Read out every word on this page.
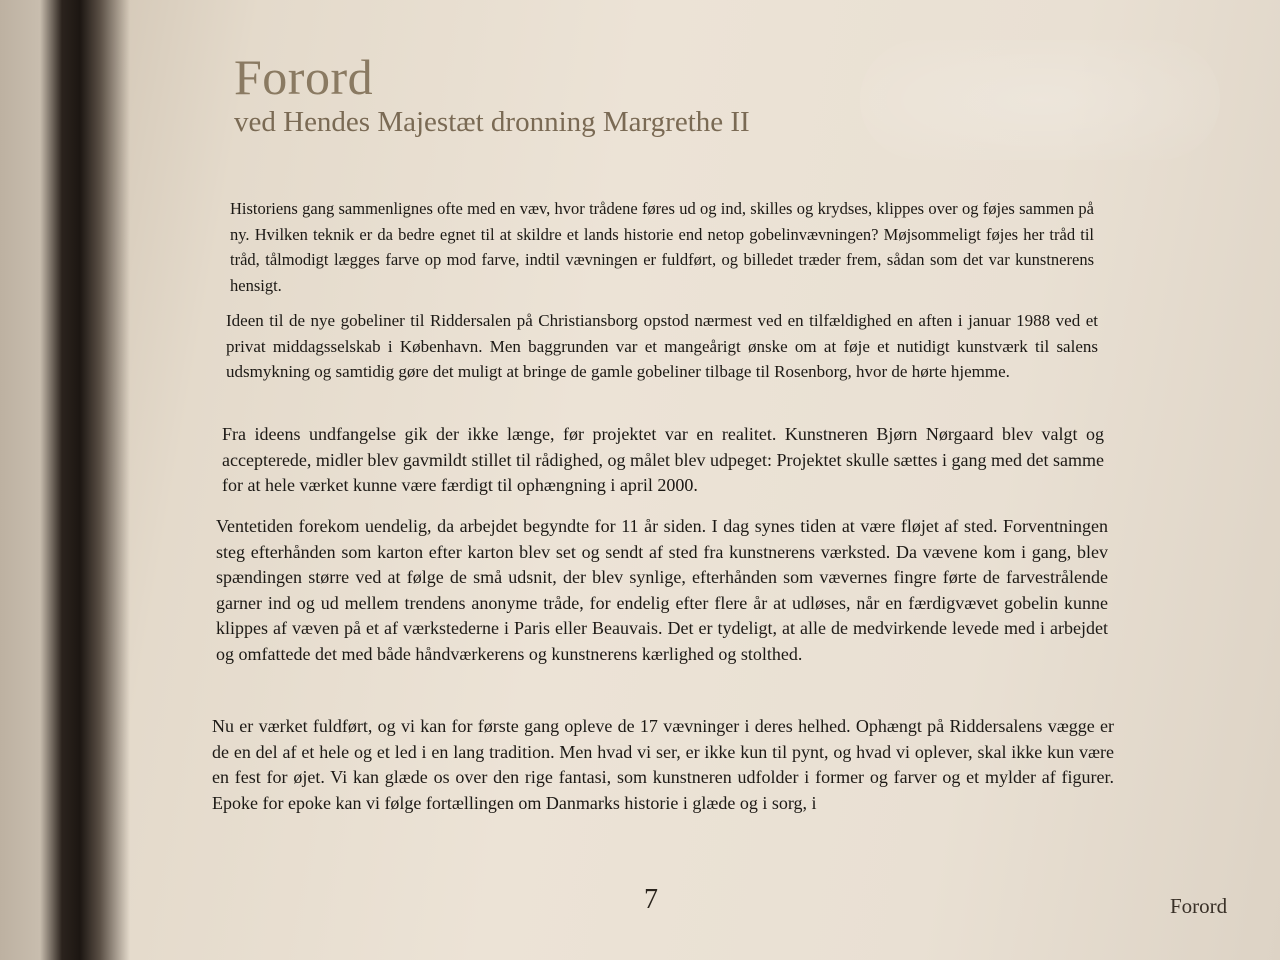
Forord
ved Hendes Majestæt dronning Margrethe II

Historiens gang sammenlignes ofte med en væv, hvor trådene føres ud og ind, skilles og krydses, klippes over og føjes sammen på ny. Hvilken teknik er da bedre egnet til at skildre et lands historie end netop gobelinvævningen? Møjsommeligt føjes her tråd til tråd, tålmodigt lægges farve op mod farve, indtil vævningen er fuldført, og billedet træder frem, sådan som det var kunstnerens hensigt.

Ideen til de nye gobeliner til Riddersalen på Christiansborg opstod nærmest ved en tilfældighed en aften i januar 1988 ved et privat middagsselskab i København. Men baggrunden var et mangeårigt ønske om at føje et nutidigt kunstværk til salens udsmykning og samtidig gøre det muligt at bringe de gamle gobeliner tilbage til Rosenborg, hvor de hørte hjemme.

Fra ideens undfangelse gik der ikke længe, før projektet var en realitet. Kunstneren Bjørn Nørgaard blev valgt og accepterede, midler blev gavmildt stillet til rådighed, og målet blev udpeget: Projektet skulle sættes i gang med det samme for at hele værket kunne være færdigt til ophængning i april 2000.

Ventetiden forekom uendelig, da arbejdet begyndte for 11 år siden. I dag synes tiden at være fløjet af sted. Forventningen steg efterhånden som karton efter karton blev set og sendt af sted fra kunstnerens værksted. Da vævene kom i gang, blev spændingen større ved at følge de små udsnit, der blev synlige, efterhånden som vævernes fingre førte de farvestrålende garner ind og ud mellem trendens anonyme tråde, for endelig efter flere år at udløses, når en færdigvævet gobelin kunne klippes af væven på et af værkstederne i Paris eller Beauvais. Det er tydeligt, at alle de medvirkende levede med i arbejdet og omfattede det med både håndværkerens og kunstnerens kærlighed og stolthed.

Nu er værket fuldført, og vi kan for første gang opleve de 17 vævninger i deres helhed. Ophængt på Riddersalens vægge er de en del af et hele og et led i en lang tradition. Men hvad vi ser, er ikke kun til pynt, og hvad vi oplever, skal ikke kun være en fest for øjet. Vi kan glæde os over den rige fantasi, som kunstneren udfolder i former og farver og et mylder af figurer. Epoke for epoke kan vi følge fortællingen om Danmarks historie i glæde og i sorg, i

7	Forord
